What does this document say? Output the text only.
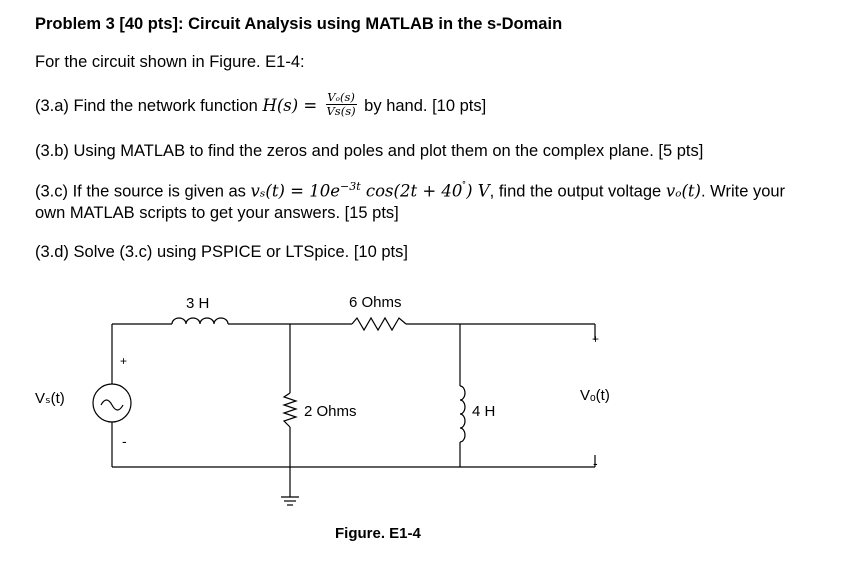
Problem 3 [40 pts]: Circuit Analysis using MATLAB in the s-Domain
For the circuit shown in Figure. E1-4:
(3.a) Find the network function $H(s) = \frac{\text{Vₒ(s)}}{Vs(s)}$ by hand. [10 pts]
(3.b) Using MATLAB to find the zeros and poles and plot them on the complex plane. [5 pts]
(3.c) If the source is given as $v_s(t) = 10e^{-3t}$ cos(2t + 40˚) V, find the output voltage vₒ(t). Write your
own MATLAB scripts to get your answers. [15 pts]
(3.d) Solve (3.c) using PSPICE or LTSpice. [10 pts]
3 H	6 Ohms
2 Ohms	4 H
Vₛ(t)	Vₒ(t)
+
-
+
-
Figure. E1-4
